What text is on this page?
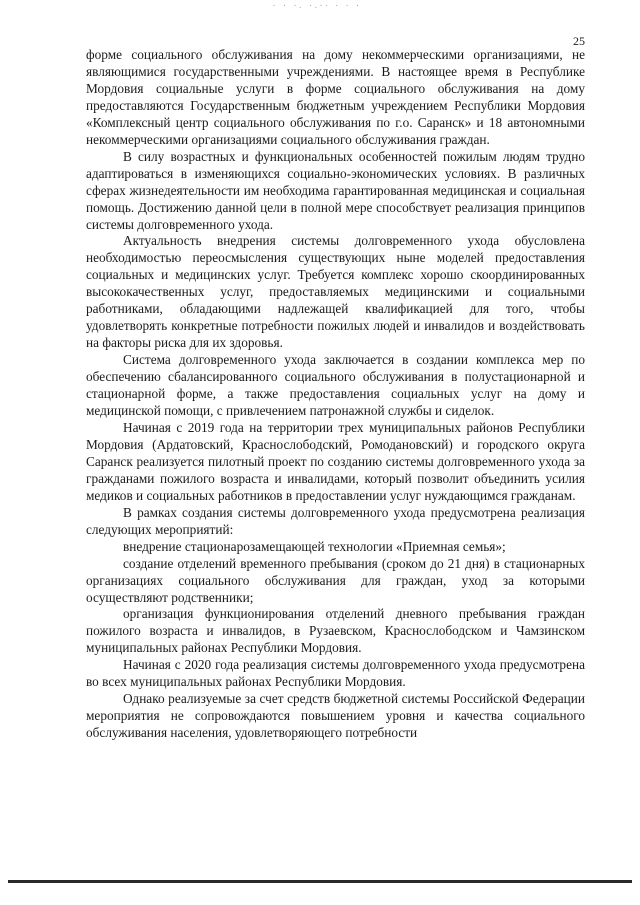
· · ·. ·.·· · · ·
25

форме социального обслуживания на дому некоммерческими организациями, не являющимися государственными учреждениями. В настоящее время в Республике Мордовия социальные услуги в форме социального обслуживания на дому предоставляются Государственным бюджетным учреждением Республики Мордовия «Комплексный центр социального обслуживания по г.о. Саранск» и 18 автономными некоммерческими организациями социального обслуживания граждан.

В силу возрастных и функциональных особенностей пожилым людям трудно адаптироваться в изменяющихся социально-экономических условиях. В различных сферах жизнедеятельности им необходима гарантированная медицинская и социальная помощь. Достижению данной цели в полной мере способствует реализация принципов системы долговременного ухода.

Актуальность внедрения системы долговременного ухода обусловлена необходимостью переосмысления существующих ныне моделей предоставления социальных и медицинских услуг. Требуется комплекс хорошо скоординированных высококачественных услуг, предоставляемых медицинскими и социальными работниками, обладающими надлежащей квалификацией для того, чтобы удовлетворять конкретные потребности пожилых людей и инвалидов и воздействовать на факторы риска для их здоровья.

Система долговременного ухода заключается в создании комплекса мер по обеспечению сбалансированного социального обслуживания в полустационарной и стационарной форме, а также предоставления социальных услуг на дому и медицинской помощи, с привлечением патронажной службы и сиделок.

Начиная с 2019 года на территории трех муниципальных районов Республики Мордовия (Ардатовский, Краснослободский, Ромодановский) и городского округа Саранск реализуется пилотный проект по созданию системы долговременного ухода за гражданами пожилого возраста и инвалидами, который позволит объединить усилия медиков и социальных работников в предоставлении услуг нуждающимся гражданам.

В рамках создания системы долговременного ухода предусмотрена реализация следующих мероприятий:

внедрение стационарозамещающей технологии «Приемная семья»;

создание отделений временного пребывания (сроком до 21 дня) в стационарных организациях социального обслуживания для граждан, уход за которыми осуществляют родственники;

организация функционирования отделений дневного пребывания граждан пожилого возраста и инвалидов, в Рузаевском, Краснослободском и Чамзинском муниципальных районах Республики Мордовия.

Начиная с 2020 года реализация системы долговременного ухода предусмотрена во всех муниципальных районах Республики Мордовия.

Однако реализуемые за счет средств бюджетной системы Российской Федерации мероприятия не сопровождаются повышением уровня и качества социального обслуживания населения, удовлетворяющего потребности
